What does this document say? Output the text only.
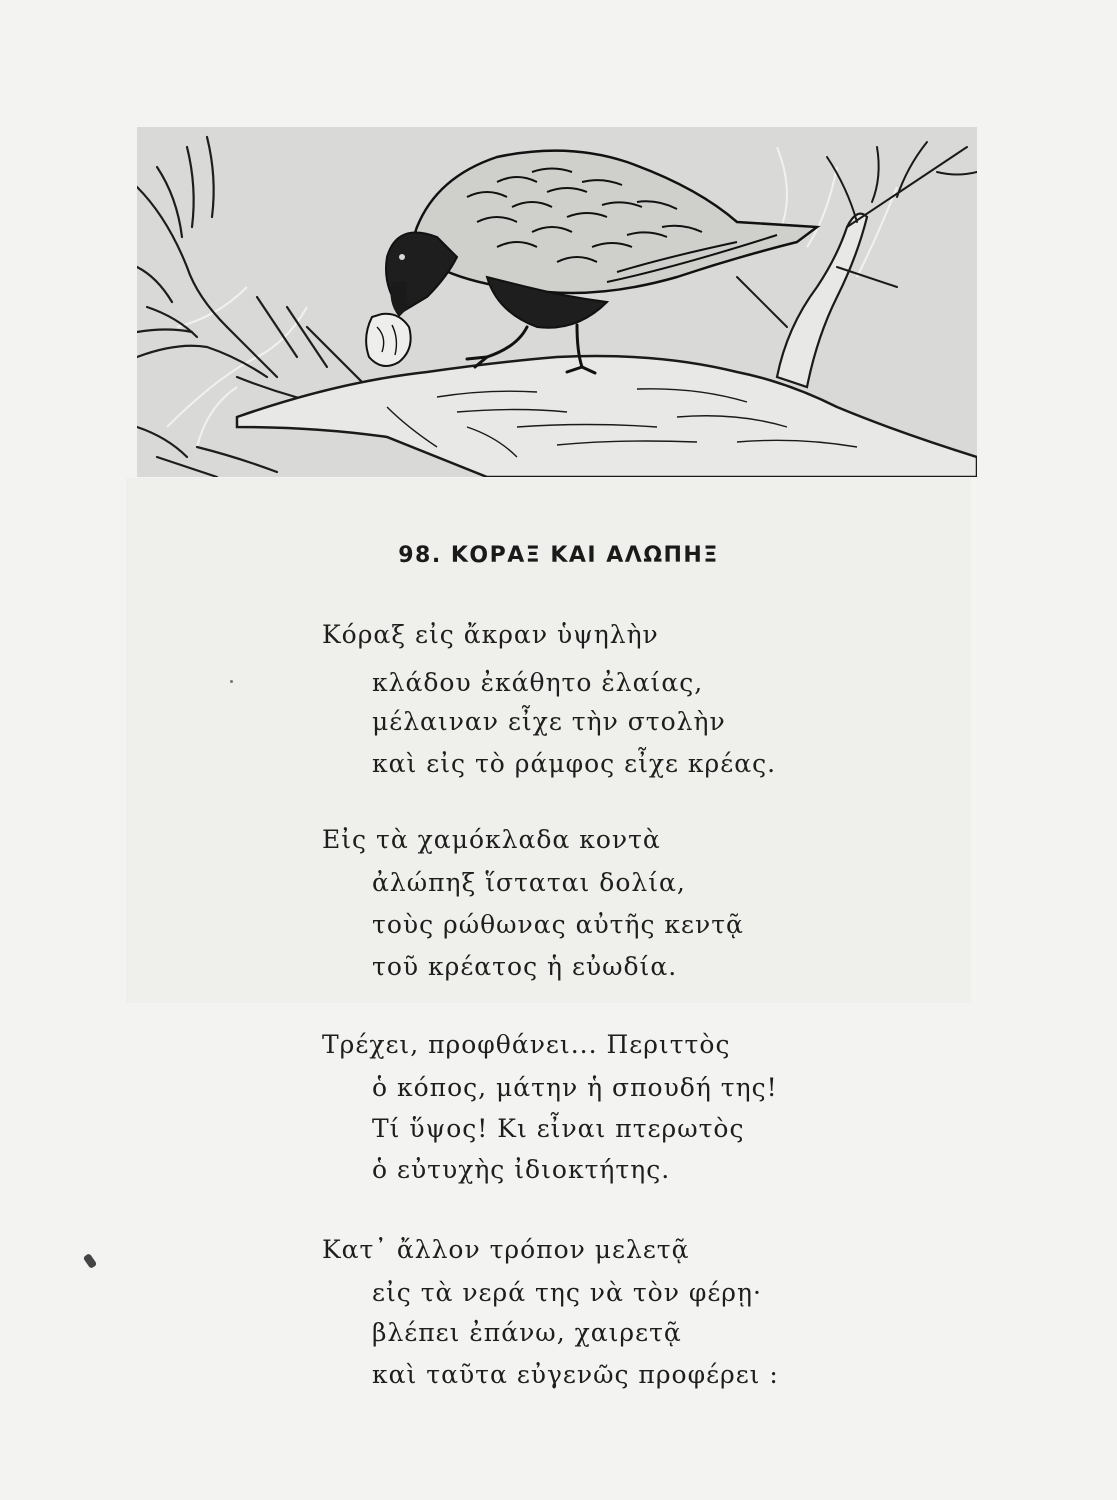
98. ΚΟΡΑΞ ΚΑΙ ΑΛΩΠΗΞ
Κόραξ εἰς ἄκραν ὑψηλὴν
κλάδου ἐκάθητο ἐλαίας,
μέλαιναν εἶχε τὴν στολὴν
καὶ εἰς τὸ ράμφος εἶχε κρέας.
Εἰς τὰ χαμόκλαδα κοντὰ
ἀλώπηξ ἵσταται δολία,
τοὺς ρώθωνας αὐτῆς κεντᾷ
τοῦ κρέατος ἡ εὐωδία.
Τρέχει, προφθάνει... Περιττὸς
ὁ κόπος, μάτην ἡ σπουδή της!
Τί ὕψος! Κι εἶναι πτερωτὸς
ὁ εὐτυχὴς ἰδιοκτήτης.
Κατ᾽ ἄλλον τρόπον μελετᾷ
εἰς τὰ νερά της νὰ τὸν φέρῃ·
βλέπει ἐπάνω, χαιρετᾷ
καὶ ταῦτα εὐγενῶς προφέρει :
